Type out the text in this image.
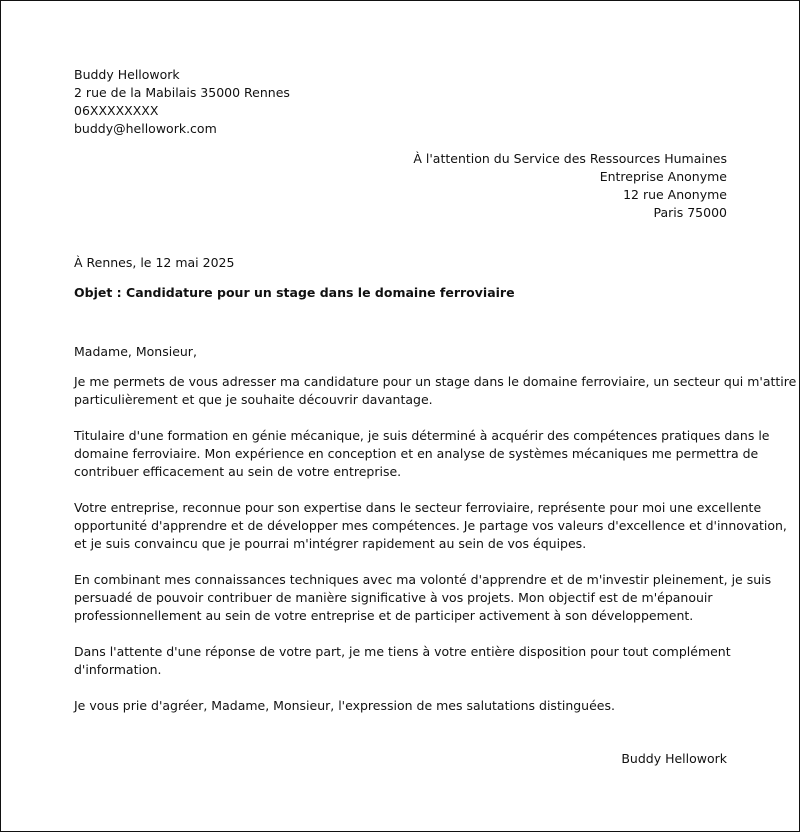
Buddy Hellowork
2 rue de la Mabilais 35000 Rennes
06XXXXXXXX
buddy@hellowork.com
À l'attention du Service des Ressources Humaines
Entreprise Anonyme
12 rue Anonyme
Paris 75000
À Rennes, le 12 mai 2025
Objet : Candidature pour un stage dans le domaine ferroviaire
Madame, Monsieur,
Je me permets de vous adresser ma candidature pour un stage dans le domaine ferroviaire, un secteur qui m'attire
particulièrement et que je souhaite découvrir davantage.
Titulaire d'une formation en génie mécanique, je suis déterminé à acquérir des compétences pratiques dans le
domaine ferroviaire. Mon expérience en conception et en analyse de systèmes mécaniques me permettra de
contribuer efficacement au sein de votre entreprise.
Votre entreprise, reconnue pour son expertise dans le secteur ferroviaire, représente pour moi une excellente
opportunité d'apprendre et de développer mes compétences. Je partage vos valeurs d'excellence et d'innovation,
et je suis convaincu que je pourrai m'intégrer rapidement au sein de vos équipes.
En combinant mes connaissances techniques avec ma volonté d'apprendre et de m'investir pleinement, je suis
persuadé de pouvoir contribuer de manière significative à vos projets. Mon objectif est de m'épanouir
professionnellement au sein de votre entreprise et de participer activement à son développement.
Dans l'attente d'une réponse de votre part, je me tiens à votre entière disposition pour tout complément
d'information.
Je vous prie d'agréer, Madame, Monsieur, l'expression de mes salutations distinguées.
Buddy Hellowork
